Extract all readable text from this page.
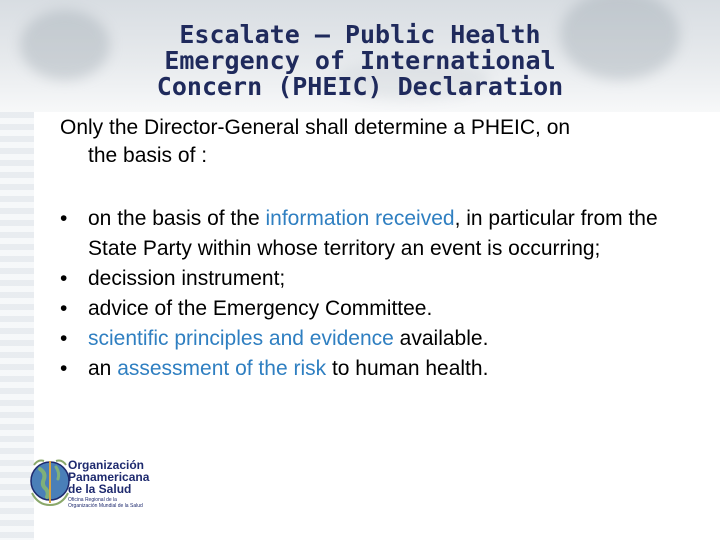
Escalate – Public Health
Emergency of International
Concern (PHEIC) Declaration
Only the Director-General shall determine a PHEIC, on
the basis of :
• on the basis of the information received, in particular from the State Party within whose territory an event is occurring;
• decission instrument;
• advice of the Emergency Committee.
• scientific principles and evidence available.
• an assessment of the risk to human health.
Organización
Panamericana
de la Salud
Oficina Regional de la
Organización Mundial de la Salud
